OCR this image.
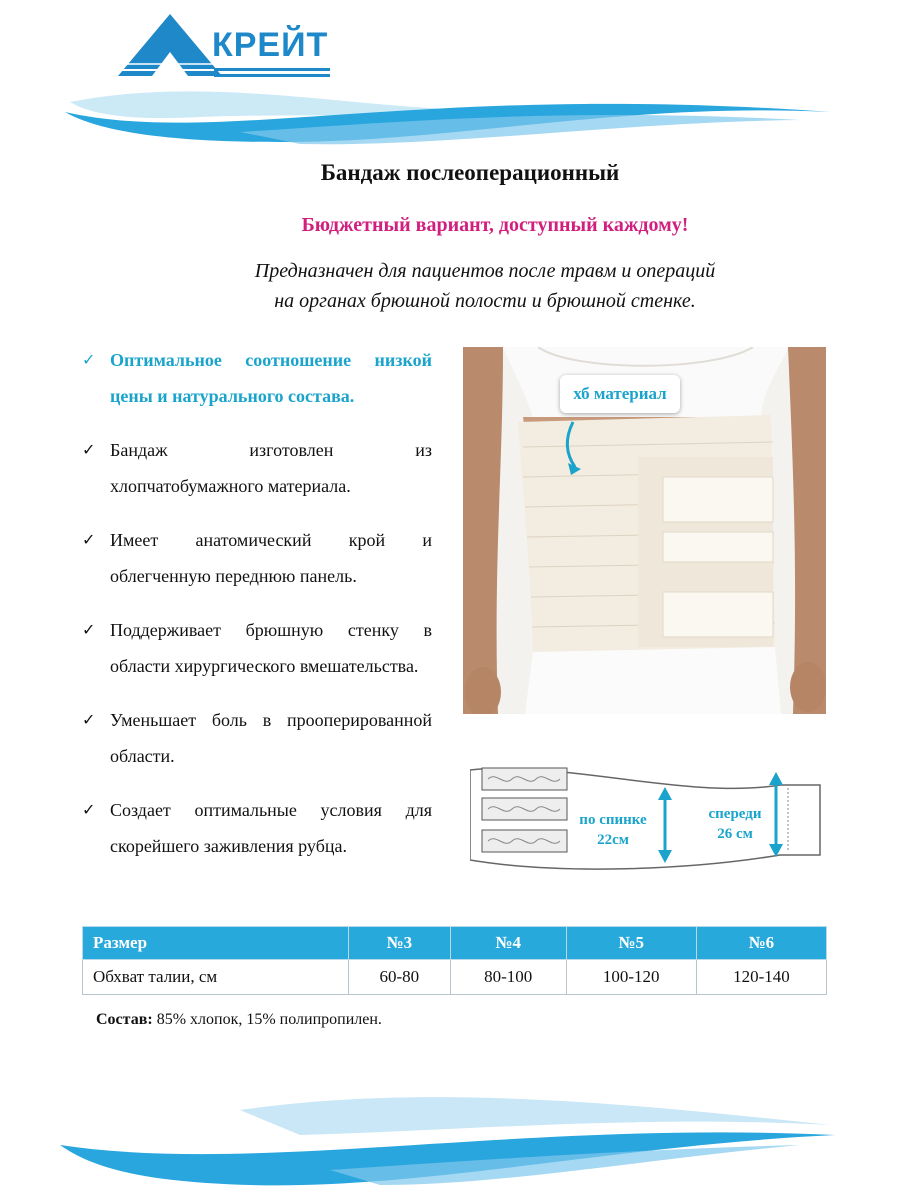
КРЕЙТ
Бандаж послеоперационный
Бюджетный вариант, доступный каждому!
Предназначен для пациентов после травм и операций
на органах брюшной полости и брюшной стенке.
✓ Оптимальное соотношение низкой цены и натурального состава.
✓ Бандаж изготовлен из хлопчатобумажного материала.
✓ Имеет анатомический крой и облегченную переднюю панель.
✓ Поддерживает брюшную стенку в области хирургического вмешательства.
✓ Уменьшает боль в прооперированной области.
✓ Создает оптимальные условия для скорейшего заживления рубца.
хб материал
по спинке
22см
спереди
26 см
Размер	№3	№4	№5	№6
Обхват талии, см	60-80	80-100	100-120	120-140
Состав: 85% хлопок, 15% полипропилен.
